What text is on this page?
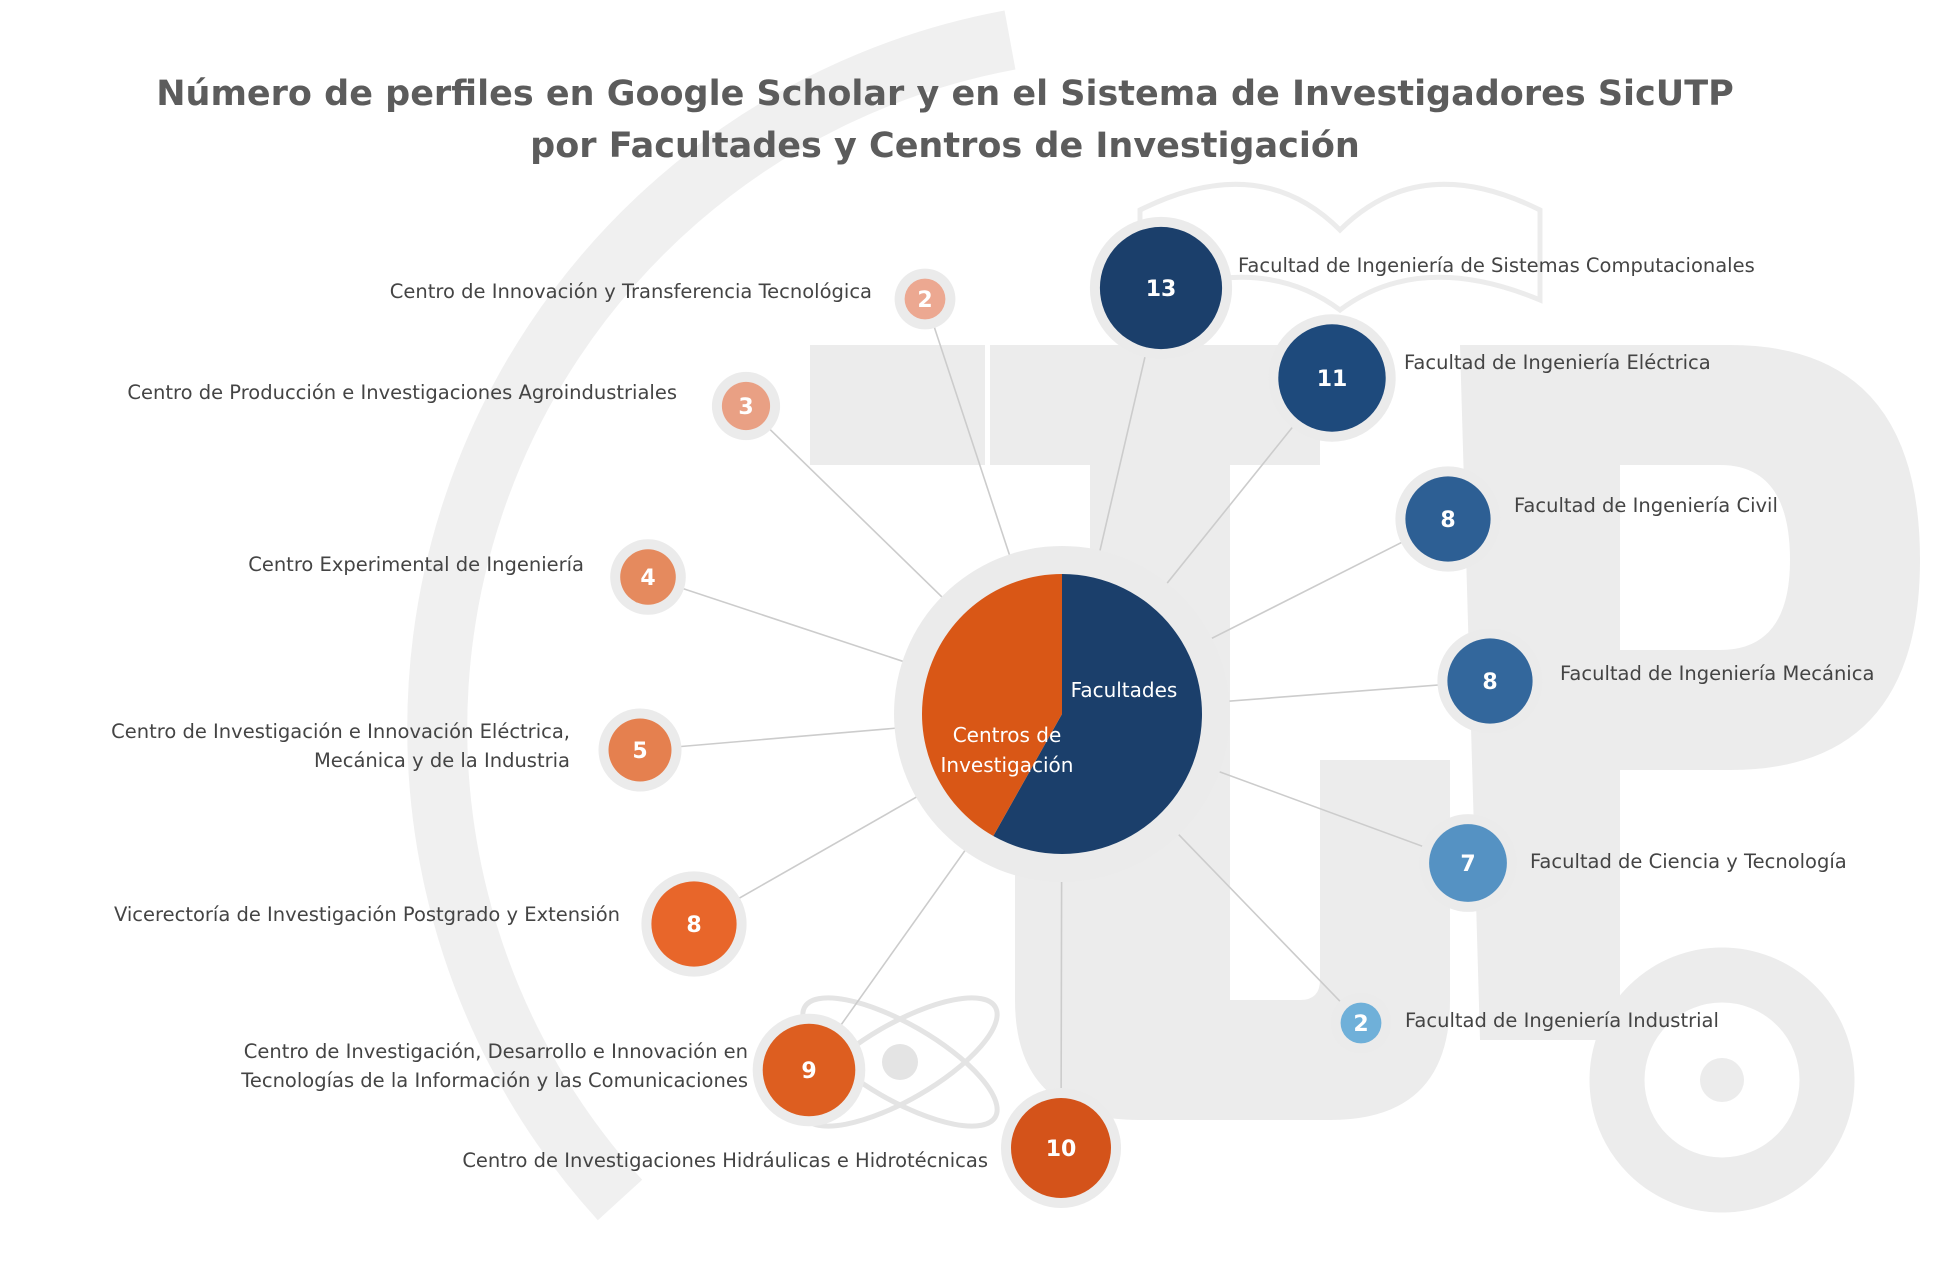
13
11
8
8
7
2
2
3
4
5
8
9
10
Facultad de Ingeniería de Sistemas Computacionales
Facultad de Ingeniería Eléctrica
Facultad de Ingeniería Civil
Facultad de Ingeniería Mecánica
Facultad de Ciencia y Tecnología
Facultad de Ingeniería Industrial
Centro de Innovación y Transferencia Tecnológica
Centro de Producción e Investigaciones Agroindustriales
Centro Experimental de Ingeniería
Centro de Investigación e Innovación Eléctrica,
Mecánica y de la Industria
Vicerectoría de Investigación Postgrado y Extensión
Centro de Investigación, Desarrollo e Innovación en
Tecnologías de la Información y las Comunicaciones
Centro de Investigaciones Hidráulicas e Hidrotécnicas
Facultades
Centros de
Investigación
Número de perfiles en Google Scholar y en el Sistema de Investigadores SicUTP
por Facultades y Centros de Investigación
